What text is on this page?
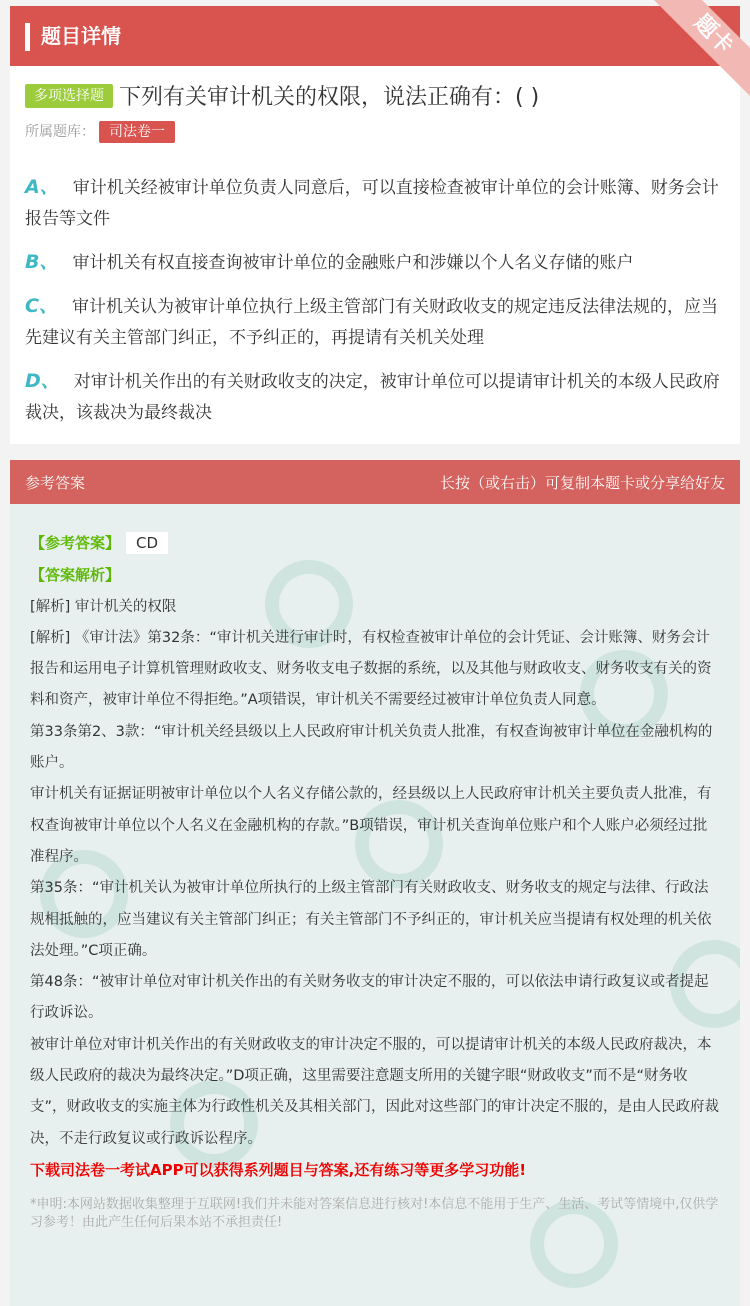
题目详情	题卡
多项选择题 下列有关审计机关的权限，说法正确有：( )
所属题库： 司法卷一
A、 审计机关经被审计单位负责人同意后，可以直接检查被审计单位的会计账簿、财务会计报告等文件
B、 审计机关有权直接查询被审计单位的金融账户和涉嫌以个人名义存储的账户
C、 审计机关认为被审计单位执行上级主管部门有关财政收支的规定违反法律法规的，应当先建议有关主管部门纠正，不予纠正的，再提请有关机关处理
D、 对审计机关作出的有关财政收支的决定，被审计单位可以提请审计机关的本级人民政府裁决，该裁决为最终裁决
参考答案	长按（或右击）可复制本题卡或分享给好友

【参考答案】 CD

【答案解析】

[解析] 审计机关的权限

[解析] 《审计法》第32条：“审计机关进行审计时，有权检查被审计单位的会计凭证、会计账簿、财务会计报告和运用电子计算机管理财政收支、财务收支电子数据的系统，以及其他与财政收支、财务收支有关的资料和资产，被审计单位不得拒绝。”A项错误，审计机关不需要经过被审计单位负责人同意。

第33条第2、3款：“审计机关经县级以上人民政府审计机关负责人批准，有权查询被审计单位在金融机构的账户。

审计机关有证据证明被审计单位以个人名义存储公款的，经县级以上人民政府审计机关主要负责人批准，有权查询被审计单位以个人名义在金融机构的存款。”B项错误，审计机关查询单位账户和个人账户必须经过批准程序。

第35条：“审计机关认为被审计单位所执行的上级主管部门有关财政收支、财务收支的规定与法律、行政法规相抵触的，应当建议有关主管部门纠正；有关主管部门不予纠正的，审计机关应当提请有权处理的机关依法处理。”C项正确。

第48条：“被审计单位对审计机关作出的有关财务收支的审计决定不服的，可以依法申请行政复议或者提起行政诉讼。

被审计单位对审计机关作出的有关财政收支的审计决定不服的，可以提请审计机关的本级人民政府裁决，本级人民政府的裁决为最终决定。”D项正确，这里需要注意题支所用的关键字眼“财政收支”而不是“财务收支”，财政收支的实施主体为行政性机关及其相关部门，因此对这些部门的审计决定不服的，是由人民政府裁决，不走行政复议或行政诉讼程序。

下载司法卷一考试APP可以获得系列题目与答案,还有练习等更多学习功能!

*申明:本网站数据收集整理于互联网!我们并未能对答案信息进行核对!本信息不能用于生产、生活、考试等情境中,仅供学习参考！由此产生任何后果本站不承担责任!
